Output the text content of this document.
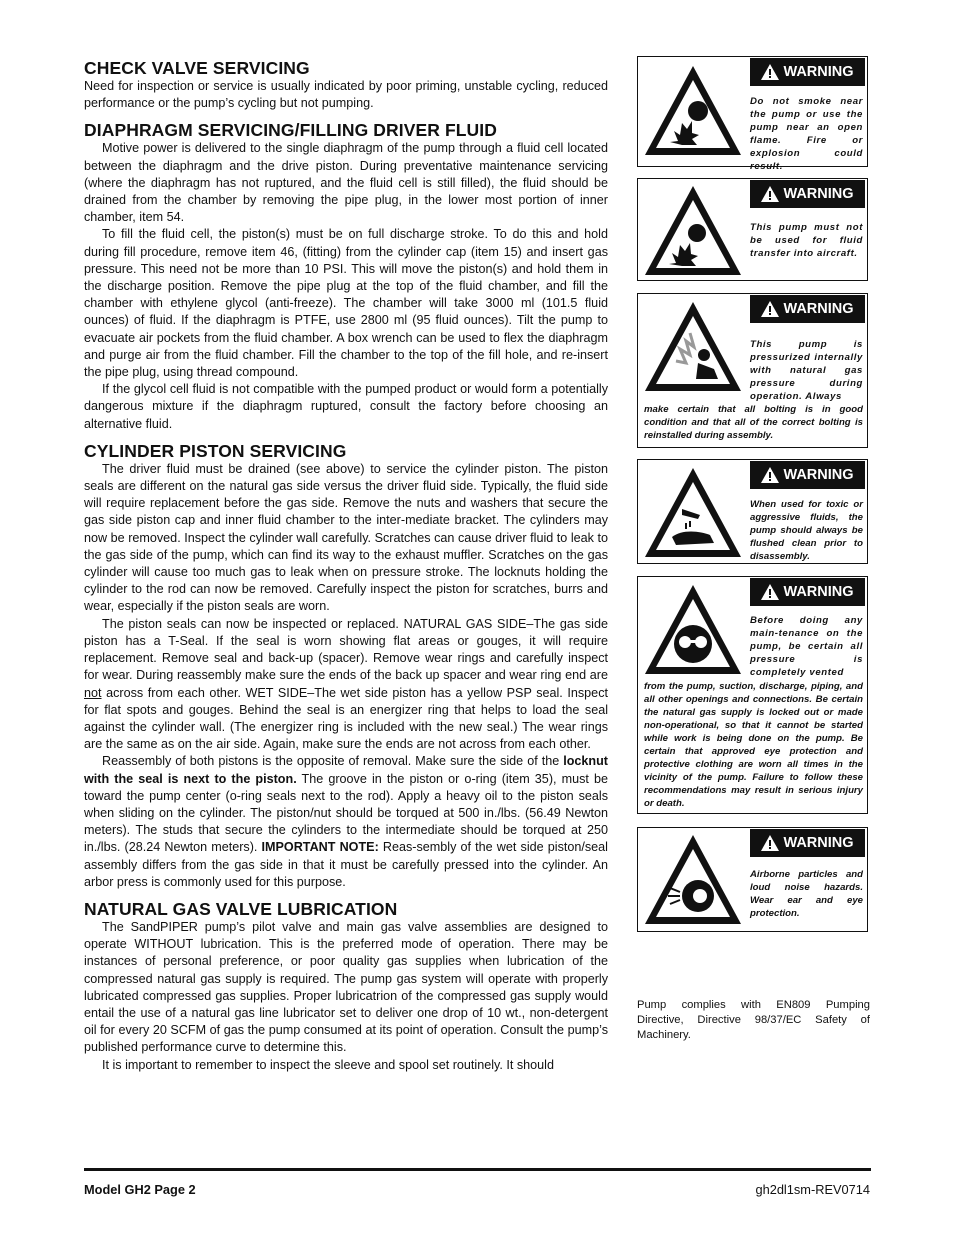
CHECK VALVE SERVICING

Need for inspection or service is usually indicated by poor priming, unstable cycling, reduced performance or the pump’s cycling but not pumping.

DIAPHRAGM SERVICING/FILLING DRIVER FLUID

Motive power is delivered to the single diaphragm of the pump through a fluid cell located between the diaphragm and the drive piston. During preventative maintenance servicing (where the diaphragm has not ruptured, and the fluid cell is still filled), the fluid should be drained from the chamber by removing the pipe plug, in the lower most portion of inner chamber, item 54.

To fill the fluid cell, the piston(s) must be on full discharge stroke. To do this and hold during fill procedure, remove item 46, (fitting) from the cylinder cap (item 15) and insert gas pressure. This need not be more than 10 PSI. This will move the piston(s) and hold them in the discharge position. Remove the pipe plug at the top of the fluid chamber, and fill the chamber with ethylene glycol (anti-freeze). The chamber will take 3000 ml (101.5 fluid ounces) of fluid. If the diaphragm is PTFE, use 2800 ml (95 fluid ounces). Tilt the pump to evacuate air pockets from the fluid chamber. A box wrench can be used to flex the diaphragm and purge air from the fluid chamber. Fill the chamber to the top of the fill hole, and re-insert the pipe plug, using thread compound.

If the glycol cell fluid is not compatible with the pumped product or would form a potentially dangerous mixture if the diaphragm ruptured, consult the factory before choosing an alternative fluid.

CYLINDER PISTON SERVICING

The driver fluid must be drained (see above) to service the cylinder piston. The piston seals are different on the natural gas side versus the driver fluid side. Typically, the fluid side will require replacement before the gas side. Remove the nuts and washers that secure the gas side piston cap and inner fluid chamber to the inter-mediate bracket. The cylinders may now be removed. Inspect the cylinder wall carefully. Scratches can cause driver fluid to leak to the gas side of the pump, which can find its way to the exhaust muffler. Scratches on the gas cylinder will cause too much gas to leak when on pressure stroke. The locknuts holding the cylinder to the rod can now be removed. Carefully inspect the piston for scratches, burrs and wear, especially if the piston seals are worn.

The piston seals can now be inspected or replaced. NATURAL GAS SIDE–The gas side piston has a T-Seal. If the seal is worn showing flat areas or gouges, it will require replacement. Remove seal and back-up (spacer). Remove wear rings and carefully inspect for wear. During reassembly make sure the ends of the back up spacer and wear ring end are not across from each other. WET SIDE–The wet side piston has a yellow PSP seal. Inspect for flat spots and gouges. Behind the seal is an energizer ring that helps to load the seal against the cylinder wall. (The energizer ring is included with the new seal.) The wear rings are the same as on the air side. Again, make sure the ends are not across from each other.

Reassembly of both pistons is the opposite of removal. Make sure the side of the locknut with the seal is next to the piston. The groove in the piston or o-ring (item 35), must be toward the pump center (o-ring seals next to the rod). Apply a heavy oil to the piston seals when sliding on the cylinder. The piston/nut should be torqued at 500 in./lbs. (56.49 Newton meters). The studs that secure the cylinders to the intermediate should be torqued at 250 in./lbs. (28.24 Newton meters). IMPORTANT NOTE: Reas-sembly of the wet side piston/seal assembly differs from the gas side in that it must be carefully pressed into the cylinder. An arbor press is commonly used for this purpose.

NATURAL GAS VALVE LUBRICATION

The SandPIPER pump’s pilot valve and main gas valve assemblies are designed to operate WITHOUT lubrication. This is the preferred mode of operation. There may be instances of personal preference, or poor quality gas supplies when lubrication of the compressed natural gas supply is required. The pump gas system will operate with properly lubricated compressed gas supplies. Proper lubricatrion of the compressed gas supply would entail the use of a natural gas line lubricator set to deliver one drop of 10 wt., non-detergent oil for every 20 SCFM of gas the pump consumed at its point of operation. Consult the pump’s published performance curve to determine this.

It is important to remember to inspect the sleeve and spool set routinely. It should

WARNING
Do not smoke near the pump or use the pump near an open flame. Fire or explosion could result.
WARNING
This pump must not be used for fluid transfer into aircraft.
WARNING
This pump is pressurized internally with natural gas pressure during operation. Always
make certain that all bolting is in good condition and that all of the correct bolting is reinstalled during assembly.
WARNING
When used for toxic or aggressive fluids, the pump should always be flushed clean prior to disassembly.
WARNING
Before doing any main-tenance on the pump, be certain all pressure is completely vented
from the pump, suction, discharge, piping, and all other openings and connections. Be certain the natural gas supply is locked out or made non-operational, so that it cannot be started while work is being done on the pump. Be certain that approved eye protection and protective clothing are worn all times in the vicinity of the pump. Failure to follow these recommendations may result in serious injury or death.
WARNING
Airborne particles and loud noise hazards. Wear ear and eye protection.
Pump complies with EN809 Pumping Directive, Directive 98/37/EC Safety of Machinery.
Model GH2 Page 2	gh2dl1sm-REV0714
